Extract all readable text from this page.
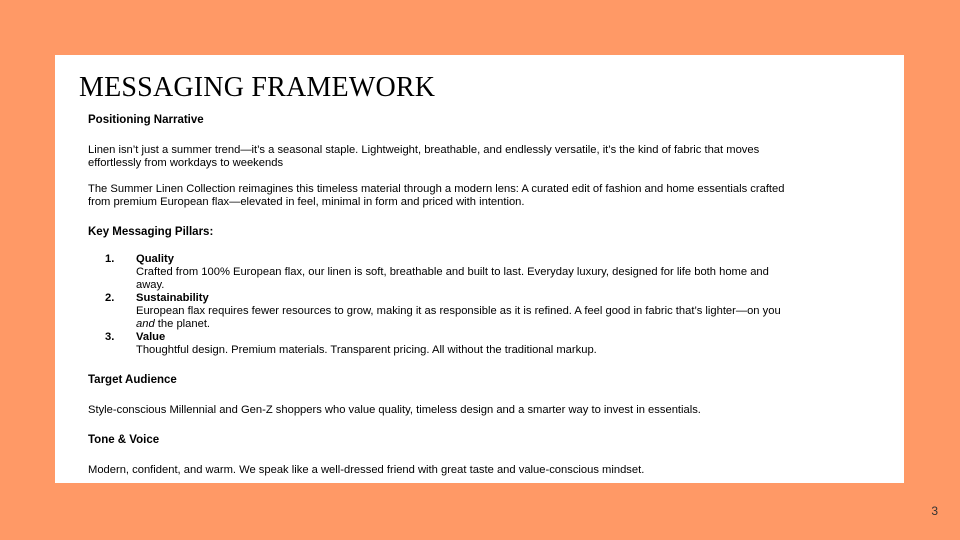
MESSAGING FRAMEWORK

Positioning Narrative

Linen isn’t just a summer trend—it’s a seasonal staple. Lightweight, breathable, and endlessly versatile, it’s the kind of fabric that moves effortlessly from workdays to weekends

The Summer Linen Collection reimagines this timeless material through a modern lens: A curated edit of fashion and home essentials crafted from premium European flax—elevated in feel, minimal in form and priced with intention.

Key Messaging Pillars:

1.	Quality
Crafted from 100% European flax, our linen is soft, breathable and built to last. Everyday luxury, designed for life both home and away.
2.	Sustainability
European flax requires fewer resources to grow, making it as responsible as it is refined. A feel good in fabric that’s lighter—on you and the planet.
3.	Value
Thoughtful design. Premium materials. Transparent pricing. All without the traditional markup.

Target Audience

Style-conscious Millennial and Gen-Z shoppers who value quality, timeless design and a smarter way to invest in essentials.

Tone & Voice

Modern, confident, and warm. We speak like a well-dressed friend with great taste and value-conscious mindset.

3
